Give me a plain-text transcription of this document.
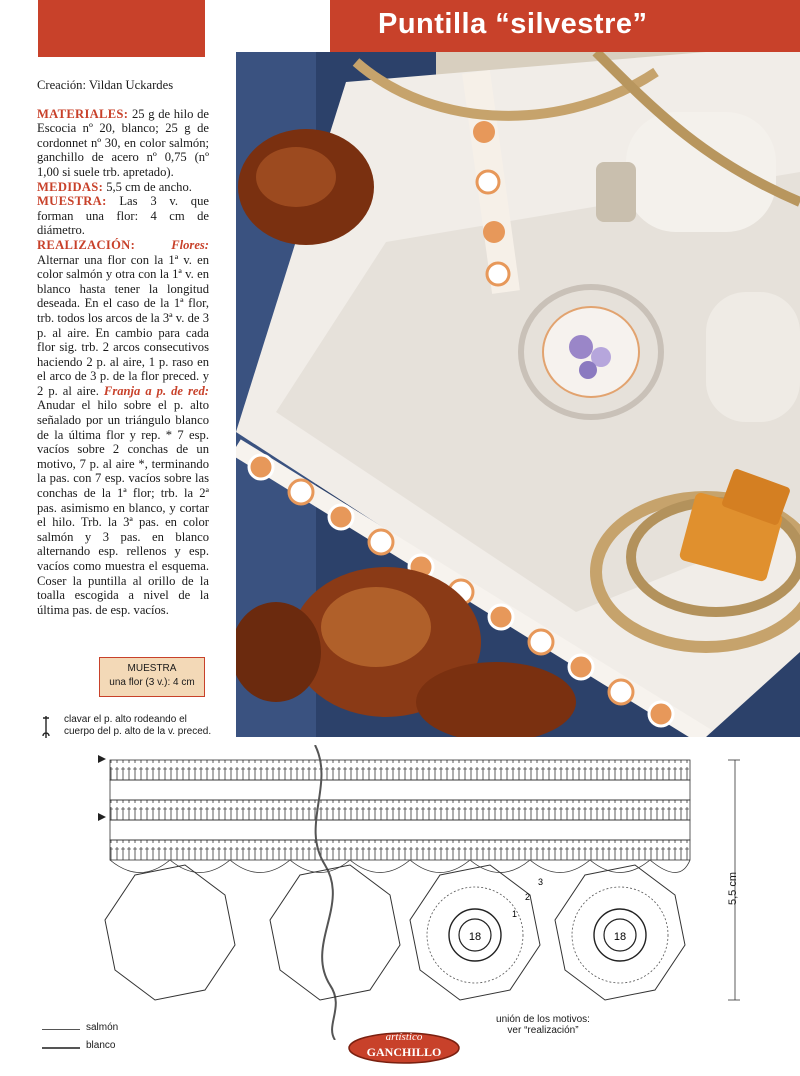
Puntilla “silvestre”

Creación: Vildan Uckardes

MATERIALES: 25 g de hilo de Escocia nº 20, blanco; 25 g de cordonnet nº 30, en color salmón; ganchillo de acero nº 0,75 (nº 1,00 si suele trb. apretado).

MEDIDAS: 5,5 cm de ancho.

MUESTRA: Las 3 v. que forman una flor: 4 cm de diámetro.

REALIZACIÓN:	Flores: Alternar una flor con la 1ª v. en color salmón y otra con la 1ª v. en blanco hasta tener la longitud deseada. En el caso de la 1ª flor, trb. todos los arcos de la 3ª v. de 3 p. al aire. En cambio para cada flor sig. trb. 2 arcos consecutivos haciendo 2 p. al aire, 1 p. raso en el arco de 3 p. de la flor preced. y 2 p. al aire. Franja a p. de red: Anudar el hilo sobre el p. alto señalado por un triángulo blanco de la última flor y rep. * 7 esp. vacíos sobre 2 conchas de un motivo, 7 p. al aire *, terminando la pas. con 7 esp. vacíos sobre las conchas de la 1ª flor; trb. la 2ª pas. asimismo en blanco, y cortar el hilo. Trb. la 3ª pas. en color salmón y 3 pas. en blanco alternando esp. rellenos y esp. vacíos como muestra el esquema. Coser la puntilla al orillo de la toalla escogida a nivel de la última pas. de esp. vacíos.

MUESTRA
una flor (3 v.): 4 cm
clavar el p. alto rodeando el
cuerpo del p. alto de la v. preced.
18	18
1
2
3	5,5 cm
unión de los motivos:
ver “realización”
salmón
blanco
artístico
GANCHILLO
